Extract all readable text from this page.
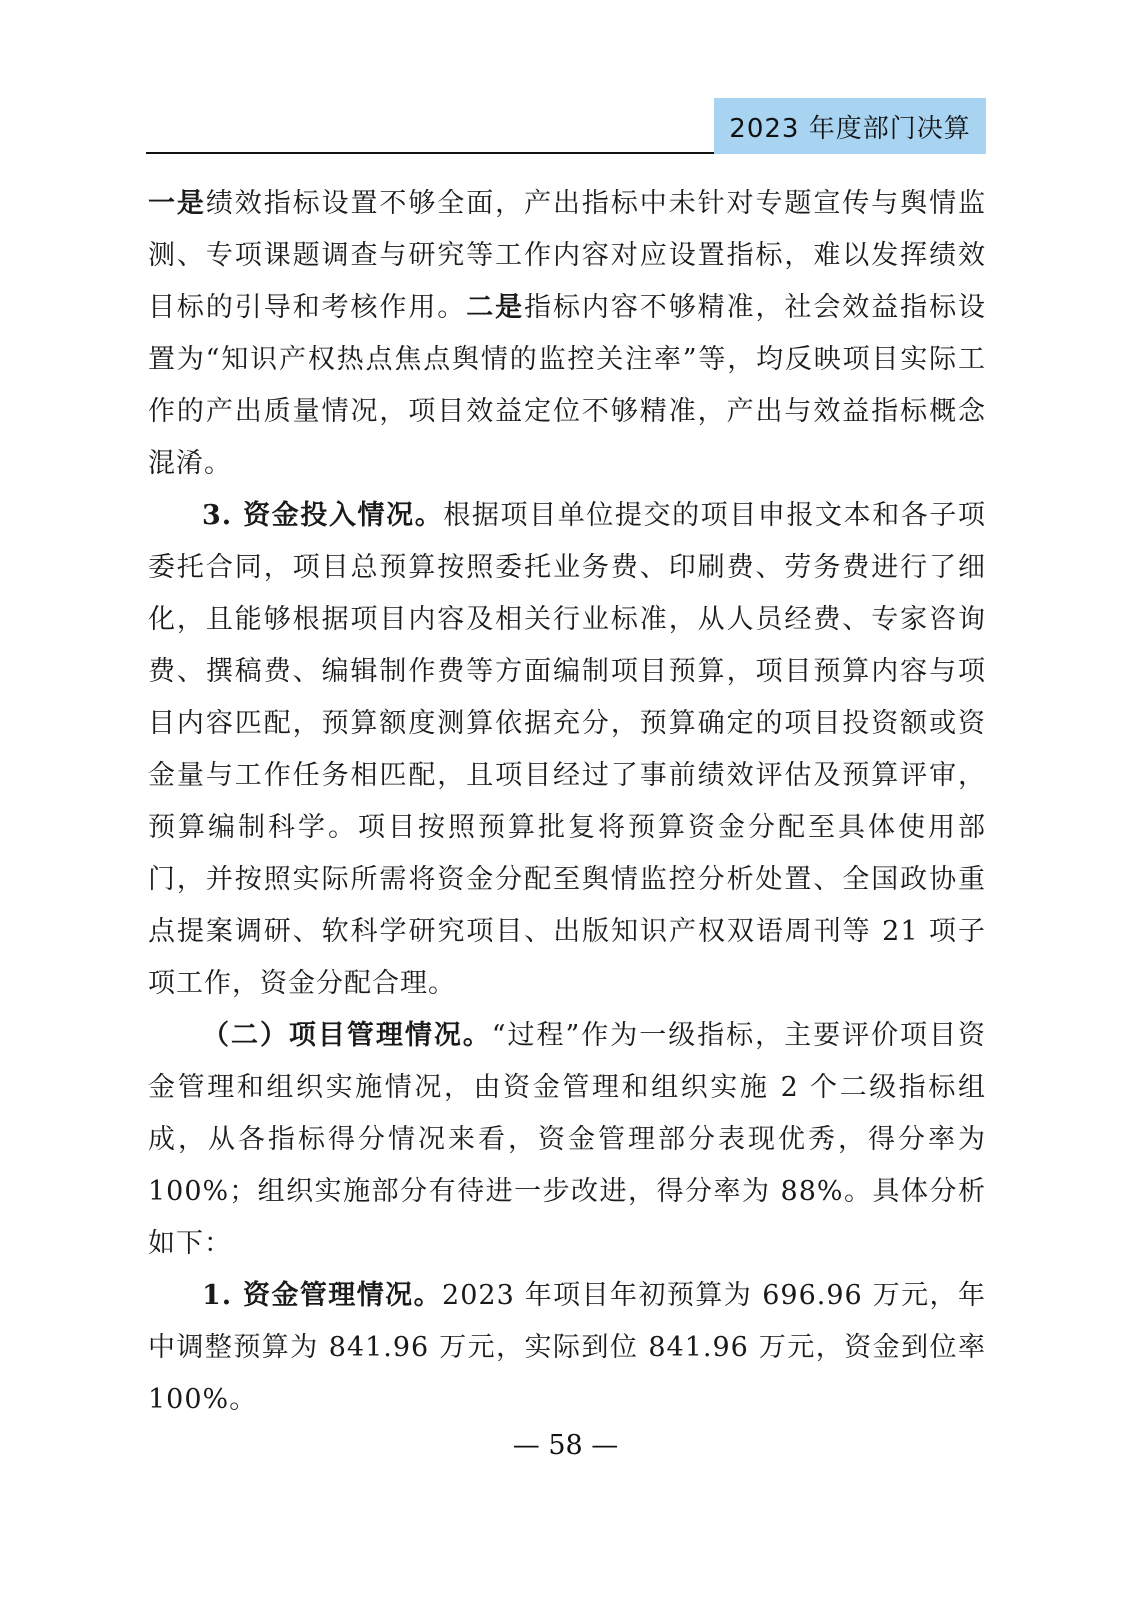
2023 年度部门决算

一是绩效指标设置不够全面，产出指标中未针对专题宣传与舆情监测、专项课题调查与研究等工作内容对应设置指标，难以发挥绩效目标的引导和考核作用。二是指标内容不够精准，社会效益指标设置为“知识产权热点焦点舆情的监控关注率”等，均反映项目实际工作的产出质量情况，项目效益定位不够精准，产出与效益指标概念混淆。

3. 资金投入情况。根据项目单位提交的项目申报文本和各子项委托合同，项目总预算按照委托业务费、印刷费、劳务费进行了细化，且能够根据项目内容及相关行业标准，从人员经费、专家咨询费、撰稿费、编辑制作费等方面编制项目预算，项目预算内容与项目内容匹配，预算额度测算依据充分，预算确定的项目投资额或资金量与工作任务相匹配，且项目经过了事前绩效评估及预算评审，预算编制科学。项目按照预算批复将预算资金分配至具体使用部门，并按照实际所需将资金分配至舆情监控分析处置、全国政协重点提案调研、软科学研究项目、出版知识产权双语周刊等 21 项子项工作，资金分配合理。

（二）项目管理情况。“过程”作为一级指标，主要评价项目资金管理和组织实施情况，由资金管理和组织实施 2 个二级指标组成，从各指标得分情况来看，资金管理部分表现优秀，得分率为 100%；组织实施部分有待进一步改进，得分率为 88%。具体分析如下：

1. 资金管理情况。2023 年项目年初预算为 696.96 万元，年中调整预算为 841.96 万元，实际到位 841.96 万元，资金到位率 100%。

— 58 —
